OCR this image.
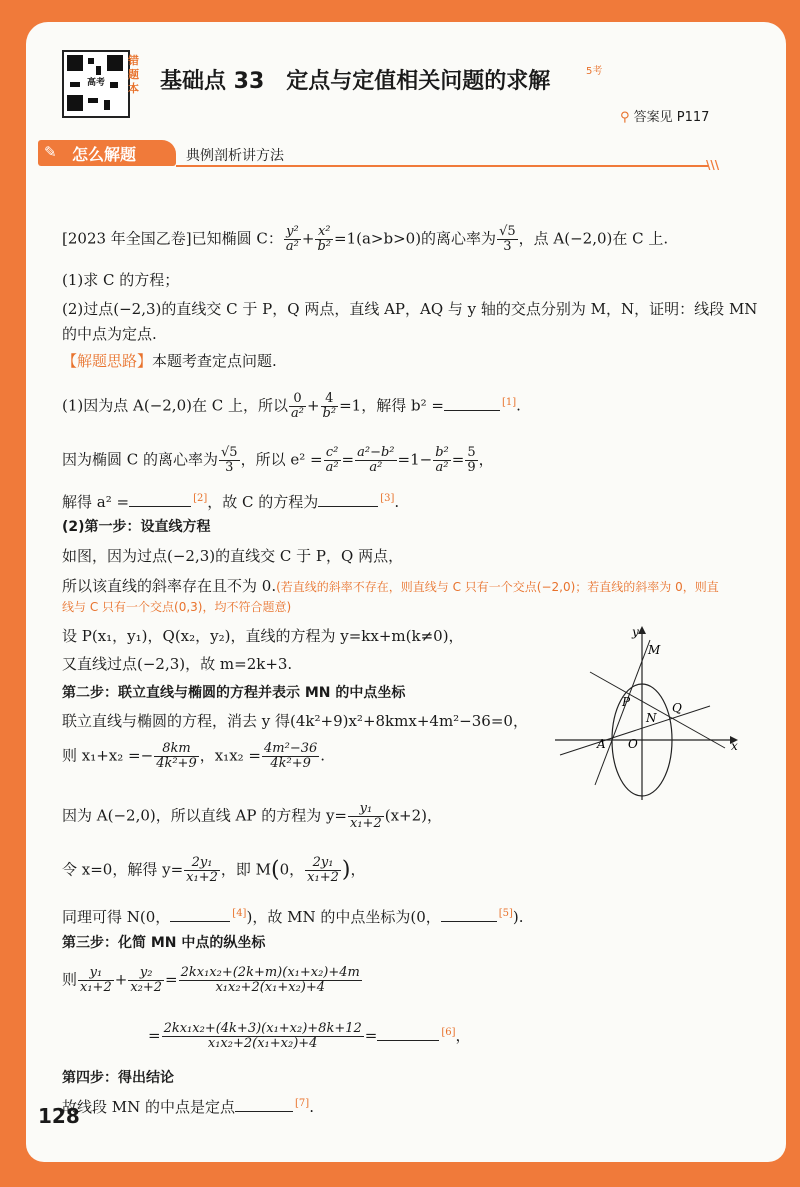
高考
错题本 基础点 33　定点与定值相关问题的求解	5考
⚲ 答案见 P117
✎ 怎么解题	典例剖析讲方法
\\\
[2023 年全国乙卷]已知椭圆 C： $\frac{\text{y²}}{\text{a²}} + \frac{\text{x²}}{\text{b²}} =1(a>b>0)$的离心率为 $\frac{√5}{3}$ ，点 A(−2,0)在 C 上.
(1)求 C 的方程；
(2)过点(−2,3)的直线交 C 于 P，Q 两点，直线 AP，AQ 与 y 轴的交点分别为 M，N，证明：线段 MN
的中点为定点.
【解题思路】本题考查定点问题.
(1)因为点 A(−2,0)在 C 上，所以 $\frac{0}{\text{a²}} + \frac{4}{\text{b²}} =1$，解得 b² =	[1].
因为椭圆 C 的离心率为 $\frac{√5}{3}$ ，所以 $e^2 = \frac{\text{c²}}{\text{a²}} = \frac{\text{a²−b²}}{\text{a²}} =1- \frac{\text{b²}}{\text{a²}} = \frac{5}{9}$ ，
解得 a² =	[2]，故 C 的方程为	[3].
(2)第一步：设直线方程
如图，因为过点(−2,3)的直线交 C 于 P，Q 两点，
所以该直线的斜率存在且不为 0.(若直线的斜率不存在，则直线与 C 只有一个交点(−2,0)；若直线的斜率为 0，则直
线与 C 只有一个交点(0,3)，均不符合题意)
设 P(x₁，y₁)，Q(x₂，y₂)，直线的方程为 y=kx+m(k≠0)，
又直线过点(−2,3)，故 m=2k+3.
第二步：联立直线与椭圆的方程并表示 MN 的中点坐标
联立直线与椭圆的方程，消去 y 得(4k²+9)x²+8kmx+4m²−36=0，
则 $x_1+x_2 =- \frac{8km}{\text{4k²+9}}$ ，$x_1x_2 = \frac{\text{4m²−36}}{\text{4k²+9}}$ .
因为 A(−2,0)，所以直线 AP 的方程为 $y= \frac{\text{y₁}}{\text{x₁+2}} (x+2)$，
令 x=0，解得 $y= \frac{\text{2y₁}}{\text{x₁+2}}$ ，即 M(0， $\frac{\text{2y₁}}{\text{x₁+2}}$ )，
同理可得 N(0，	[4])，故 MN 的中点坐标为(0，	[5]).
第三步：化简 MN 中点的纵坐标
则 $\frac{\text{y₁}}{\text{x₁+2}} + \frac{\text{y₂}}{\text{x₂+2}} = \frac{\text{2kx₁x₂+(2k+m)(x₁+x₂)+4m}}{\text{x₁x₂+2(x₁+x₂)+4}}$
= $\frac{\text{2kx₁x₂+(4k+3)(x₁+x₂)+8k+12}}{\text{x₁x₂+2(x₁+x₂)+4}}$ =	[6]，
第四步：得出结论
故线段 MN 的中点是定点	[7].
128
y
M
P	Q
N
A O	x
